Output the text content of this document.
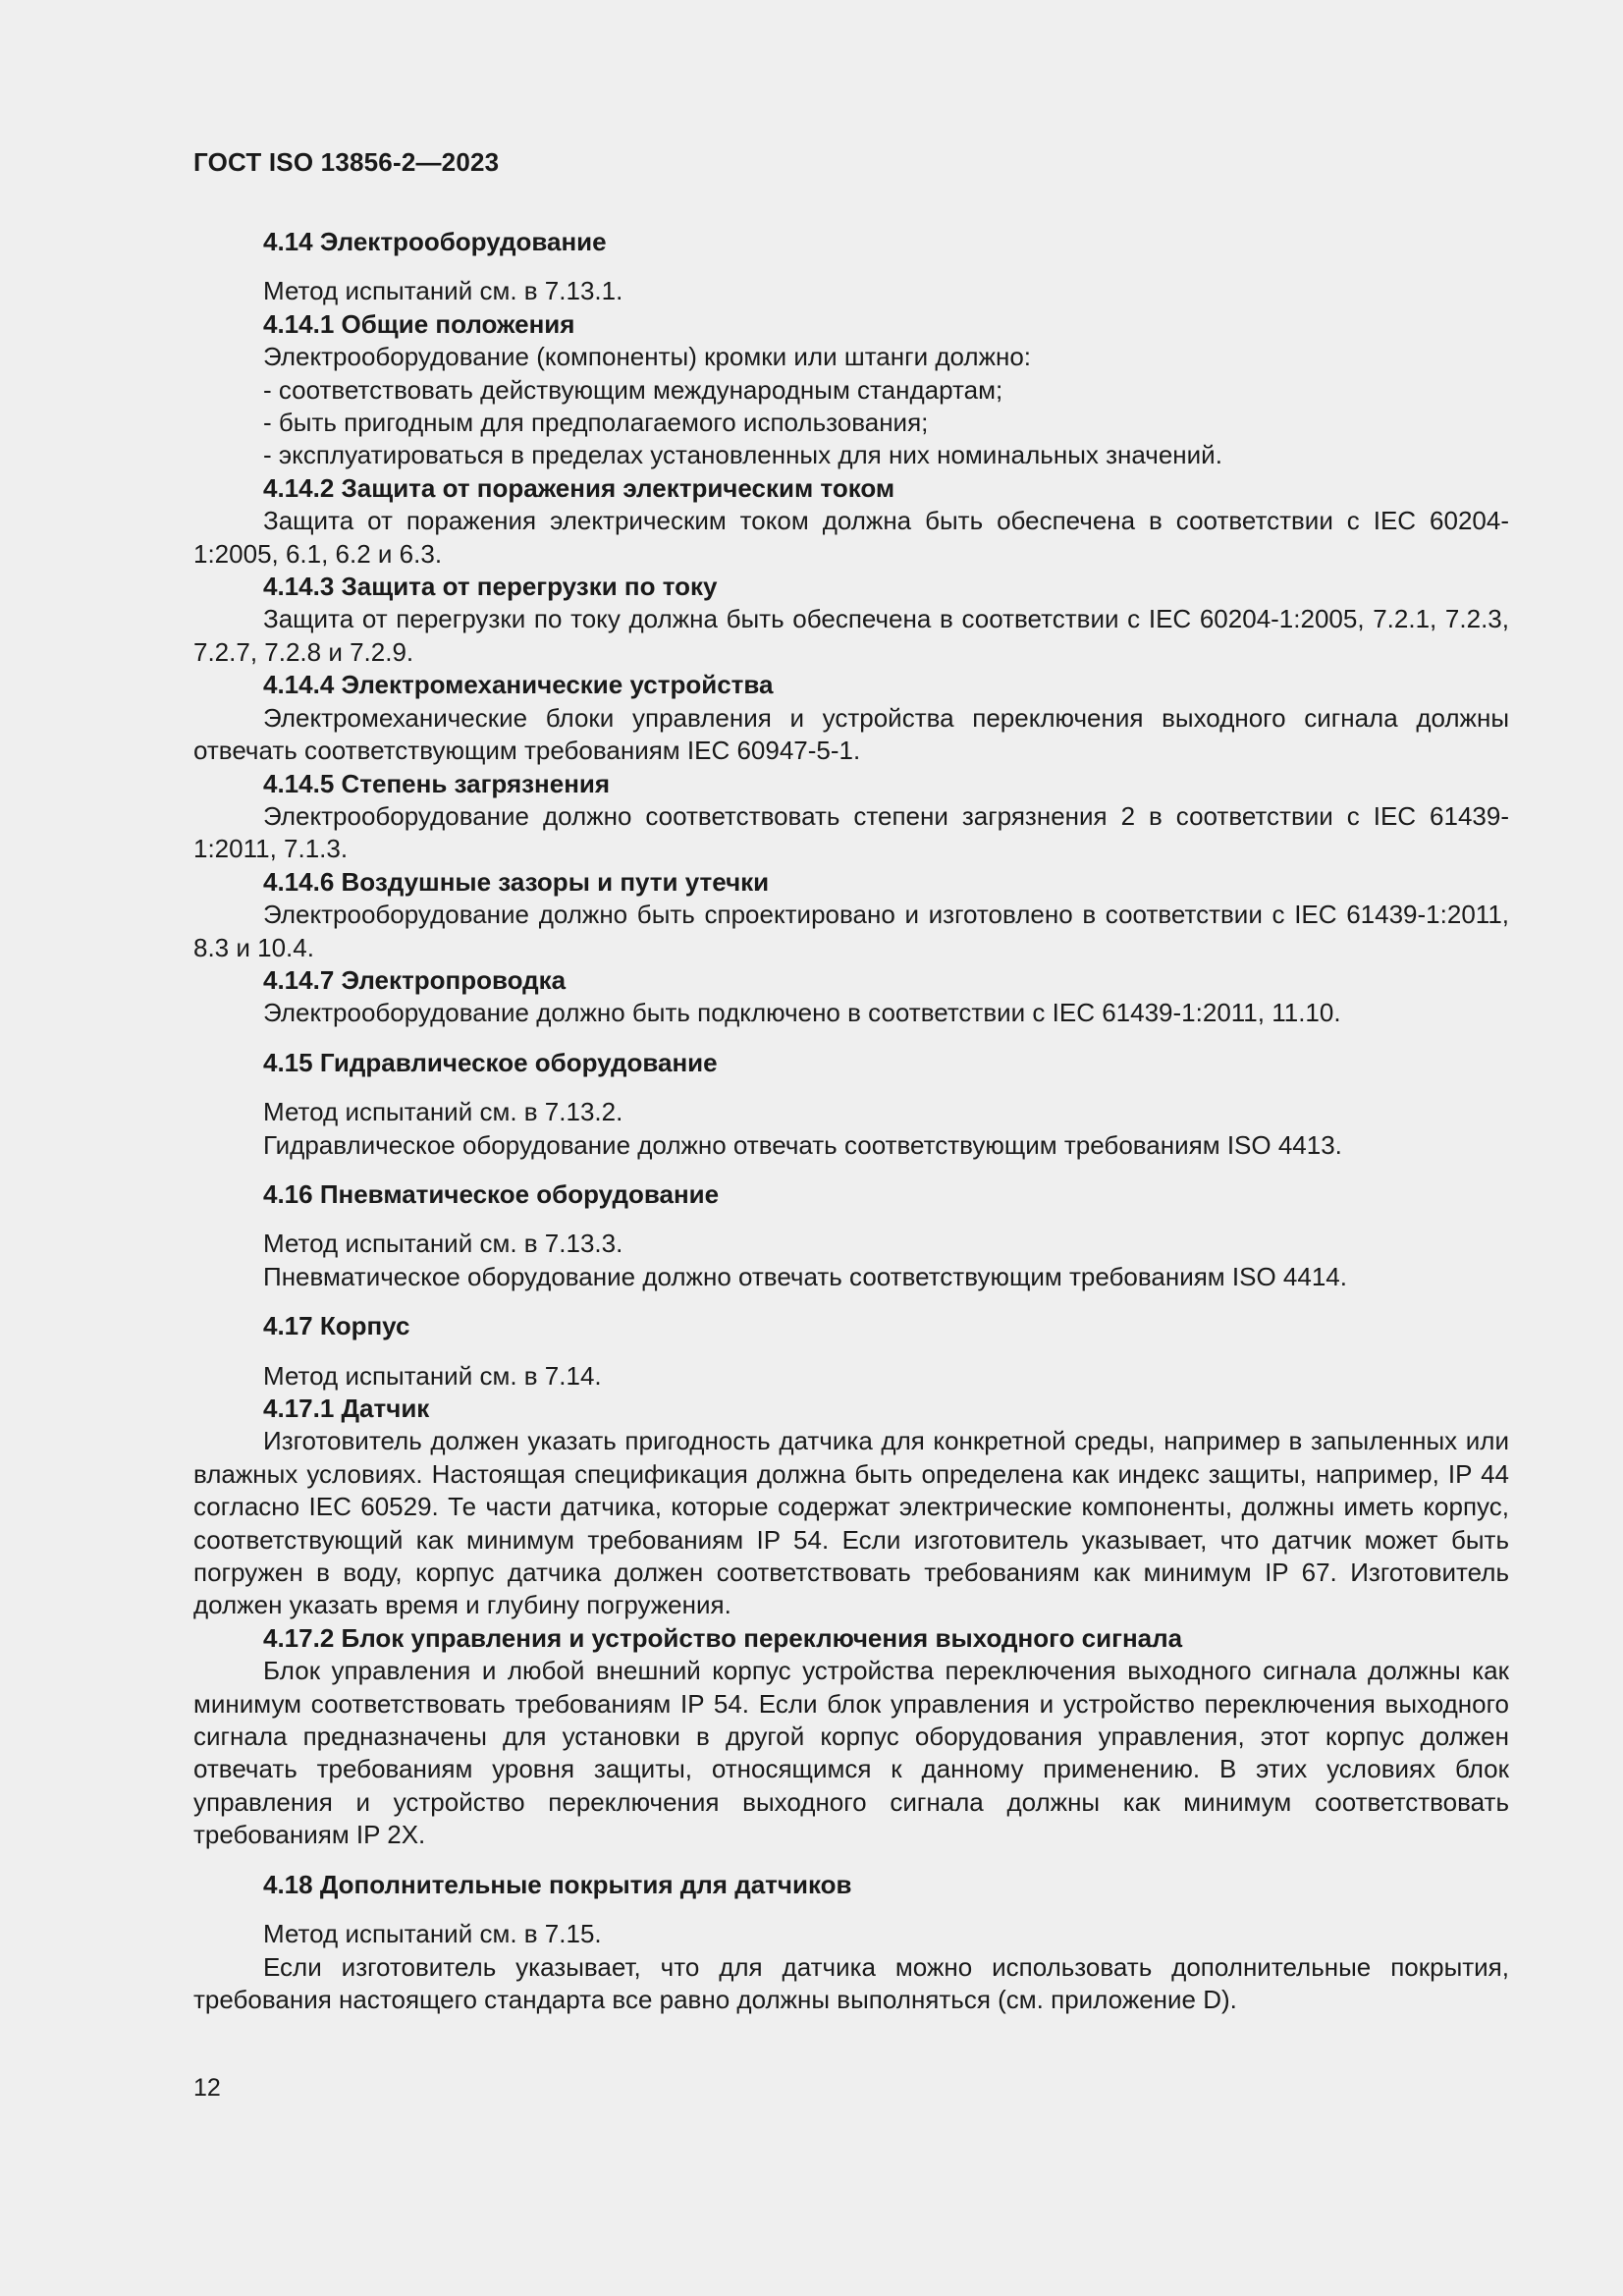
ГОСТ ISO 13856-2—2023

4.14 Электрооборудование

Метод испытаний см. в 7.13.1.

4.14.1 Общие положения

Электрооборудование (компоненты) кромки или штанги должно:

- соответствовать действующим международным стандартам;

- быть пригодным для предполагаемого использования;

- эксплуатироваться в пределах установленных для них номинальных значений.

4.14.2 Защита от поражения электрическим током

Защита от поражения электрическим током должна быть обеспечена в соответствии с IEC 60204-1:2005, 6.1, 6.2 и 6.3.

4.14.3 Защита от перегрузки по току

Защита от перегрузки по току должна быть обеспечена в соответствии с IEC 60204-1:2005, 7.2.1, 7.2.3, 7.2.7, 7.2.8 и 7.2.9.

4.14.4 Электромеханические устройства

Электромеханические блоки управления и устройства переключения выходного сигнала должны отвечать соответствующим требованиям IEC 60947-5-1.

4.14.5 Степень загрязнения

Электрооборудование должно соответствовать степени загрязнения 2 в соответствии с IEC 61439-1:2011, 7.1.3.

4.14.6 Воздушные зазоры и пути утечки

Электрооборудование должно быть спроектировано и изготовлено в соответствии с IEC 61439-1:2011, 8.3 и 10.4.

4.14.7 Электропроводка

Электрооборудование должно быть подключено в соответствии с IEC 61439-1:2011, 11.10.

4.15 Гидравлическое оборудование

Метод испытаний см. в 7.13.2.

Гидравлическое оборудование должно отвечать соответствующим требованиям ISO 4413.

4.16 Пневматическое оборудование

Метод испытаний см. в 7.13.3.

Пневматическое оборудование должно отвечать соответствующим требованиям ISO 4414.

4.17 Корпус

Метод испытаний см. в 7.14.

4.17.1 Датчик

Изготовитель должен указать пригодность датчика для конкретной среды, например в запыленных или влажных условиях. Настоящая спецификация должна быть определена как индекс защиты, например, IP 44 согласно IEC 60529. Те части датчика, которые содержат электрические компоненты, должны иметь корпус, соответствующий как минимум требованиям IP 54. Если изготовитель указывает, что датчик может быть погружен в воду, корпус датчика должен соответствовать требованиям как минимум IP 67. Изготовитель должен указать время и глубину погружения.

4.17.2 Блок управления и устройство переключения выходного сигнала

Блок управления и любой внешний корпус устройства переключения выходного сигнала должны как минимум соответствовать требованиям IP 54. Если блок управления и устройство переключения выходного сигнала предназначены для установки в другой корпус оборудования управления, этот корпус должен отвечать требованиям уровня защиты, относящимся к данному применению. В этих условиях блок управления и устройство переключения выходного сигнала должны как минимум соответствовать требованиям IP 2X.

4.18 Дополнительные покрытия для датчиков

Метод испытаний см. в 7.15.

Если изготовитель указывает, что для датчика можно использовать дополнительные покрытия, требования настоящего стандарта все равно должны выполняться (см. приложение D).

12
